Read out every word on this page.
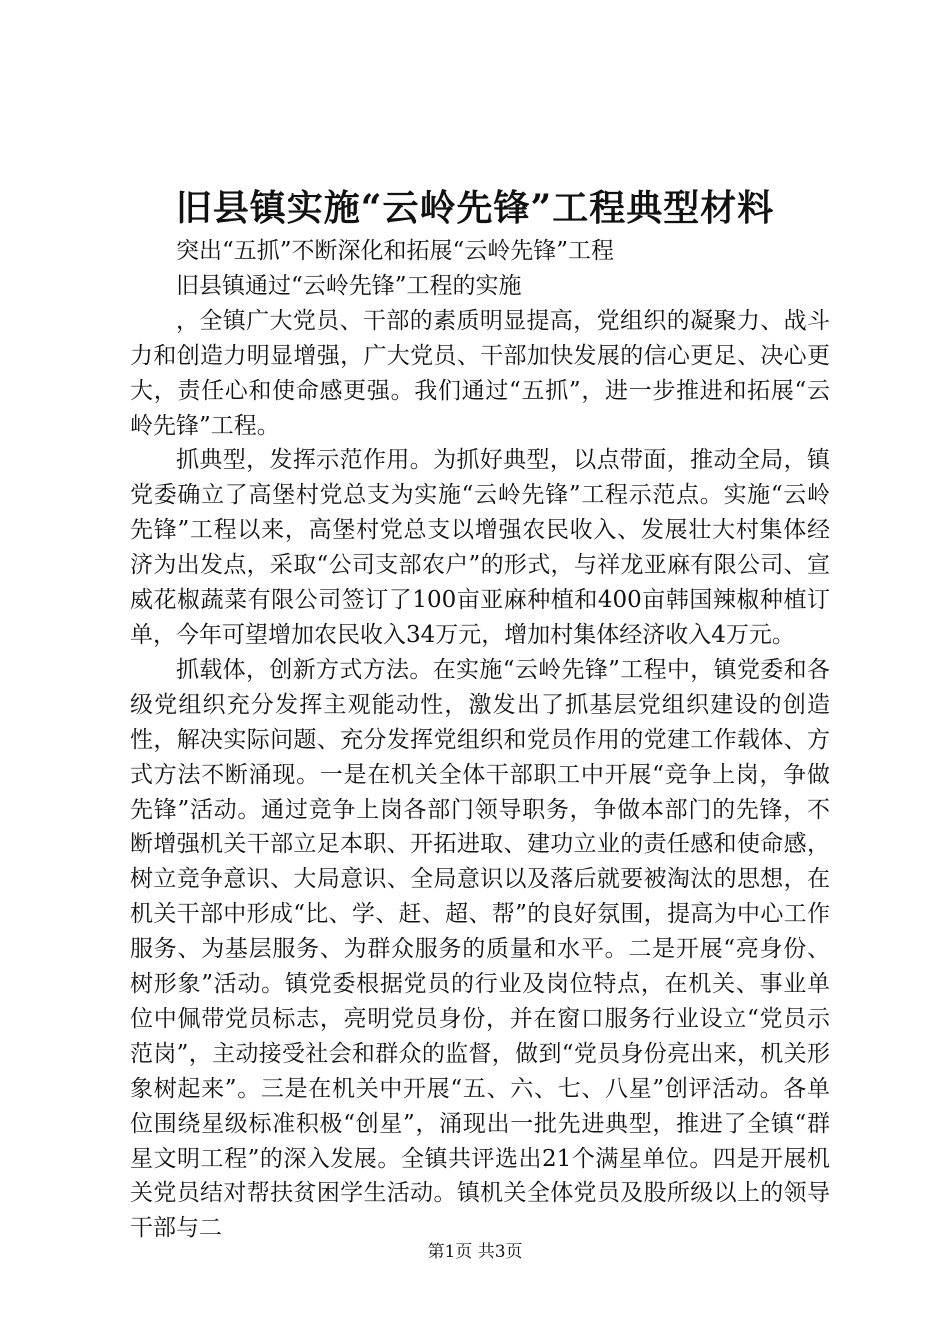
旧县镇实施“云岭先锋”工程典型材料

突出“五抓”不断深化和拓展“云岭先锋”工程

旧县镇通过“云岭先锋”工程的实施

，全镇广大党员、干部的素质明显提高，党组织的凝聚力、战斗力和创造力明显增强，广大党员、干部加快发展的信心更足、决心更大，责任心和使命感更强。我们通过“五抓”，进一步推进和拓展“云岭先锋”工程。

抓典型，发挥示范作用。为抓好典型，以点带面，推动全局，镇党委确立了高堡村党总支为实施“云岭先锋”工程示范点。实施“云岭先锋”工程以来，高堡村党总支以增强农民收入、发展壮大村集体经济为出发点，采取“公司支部农户”的形式，与祥龙亚麻有限公司、宣威花椒蔬菜有限公司签订了100亩亚麻种植和400亩韩国辣椒种植订单，今年可望增加农民收入34万元，增加村集体经济收入4万元。

抓载体，创新方式方法。在实施“云岭先锋”工程中，镇党委和各级党组织充分发挥主观能动性，激发出了抓基层党组织建设的创造性，解决实际问题、充分发挥党组织和党员作用的党建工作载体、方式方法不断涌现。一是在机关全体干部职工中开展“竞争上岗，争做先锋”活动。通过竞争上岗各部门领导职务，争做本部门的先锋，不断增强机关干部立足本职、开拓进取、建功立业的责任感和使命感，树立竞争意识、大局意识、全局意识以及落后就要被淘汰的思想，在机关干部中形成“比、学、赶、超、帮”的良好氛围，提高为中心工作服务、为基层服务、为群众服务的质量和水平。二是开展“亮身份、树形象”活动。镇党委根据党员的行业及岗位特点，在机关、事业单位中佩带党员标志，亮明党员身份，并在窗口服务行业设立“党员示范岗”，主动接受社会和群众的监督，做到“党员身份亮出来，机关形象树起来”。三是在机关中开展“五、六、七、八星”创评活动。各单位围绕星级标准积极“创星”，涌现出一批先进典型，推进了全镇“群星文明工程”的深入发展。全镇共评选出21个满星单位。四是开展机关党员结对帮扶贫困学生活动。镇机关全体党员及股所级以上的领导干部与二

第1页 共3页
